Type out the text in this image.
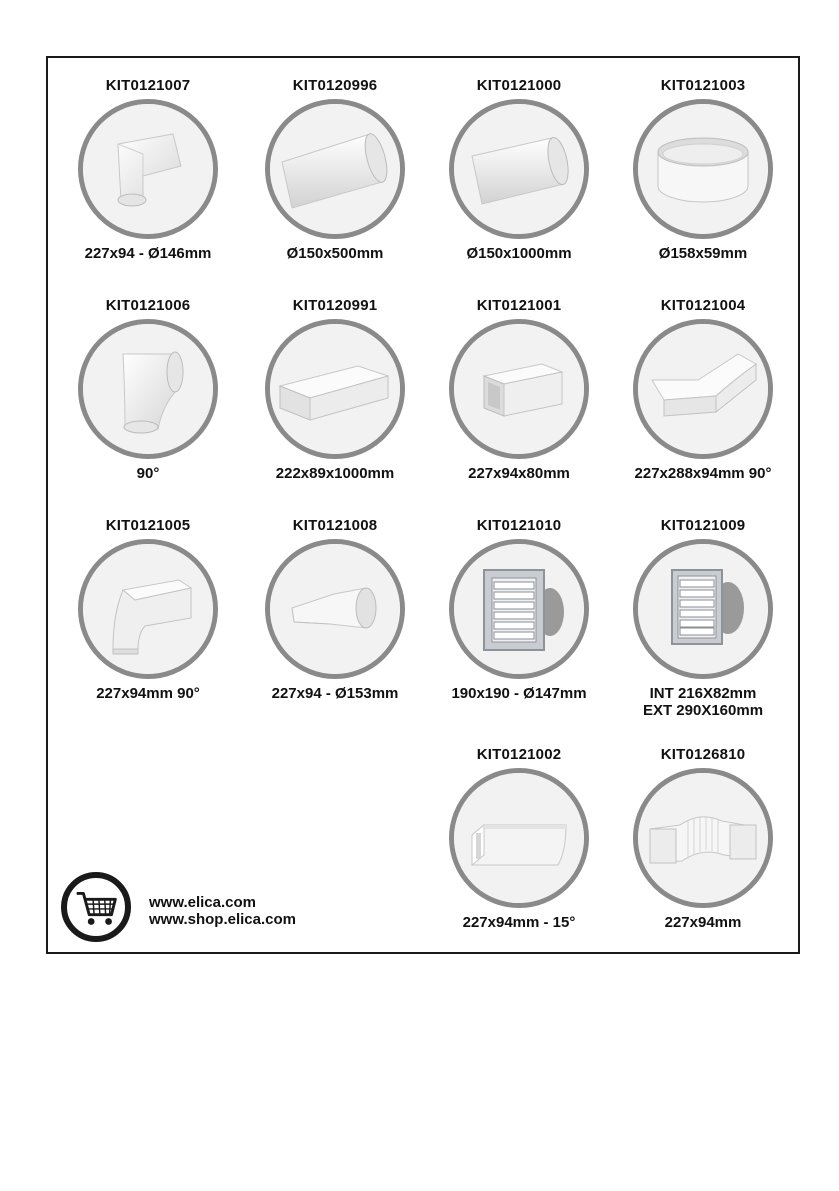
KIT0121007
227x94 - Ø146mm
KIT0120996
Ø150x500mm
KIT0121000
Ø150x1000mm
KIT0121003
Ø158x59mm
KIT0121006
90°
KIT0120991
222x89x1000mm
KIT0121001
227x94x80mm
KIT0121004
227x288x94mm 90°
KIT0121005
227x94mm 90°
KIT0121008
227x94 - Ø153mm
KIT0121010
190x190 - Ø147mm
KIT0121009
INT 216X82mm
EXT 290X160mm
KIT0121002
227x94mm - 15°
KIT0126810
227x94mm
www.elica.com
www.shop.elica.com
